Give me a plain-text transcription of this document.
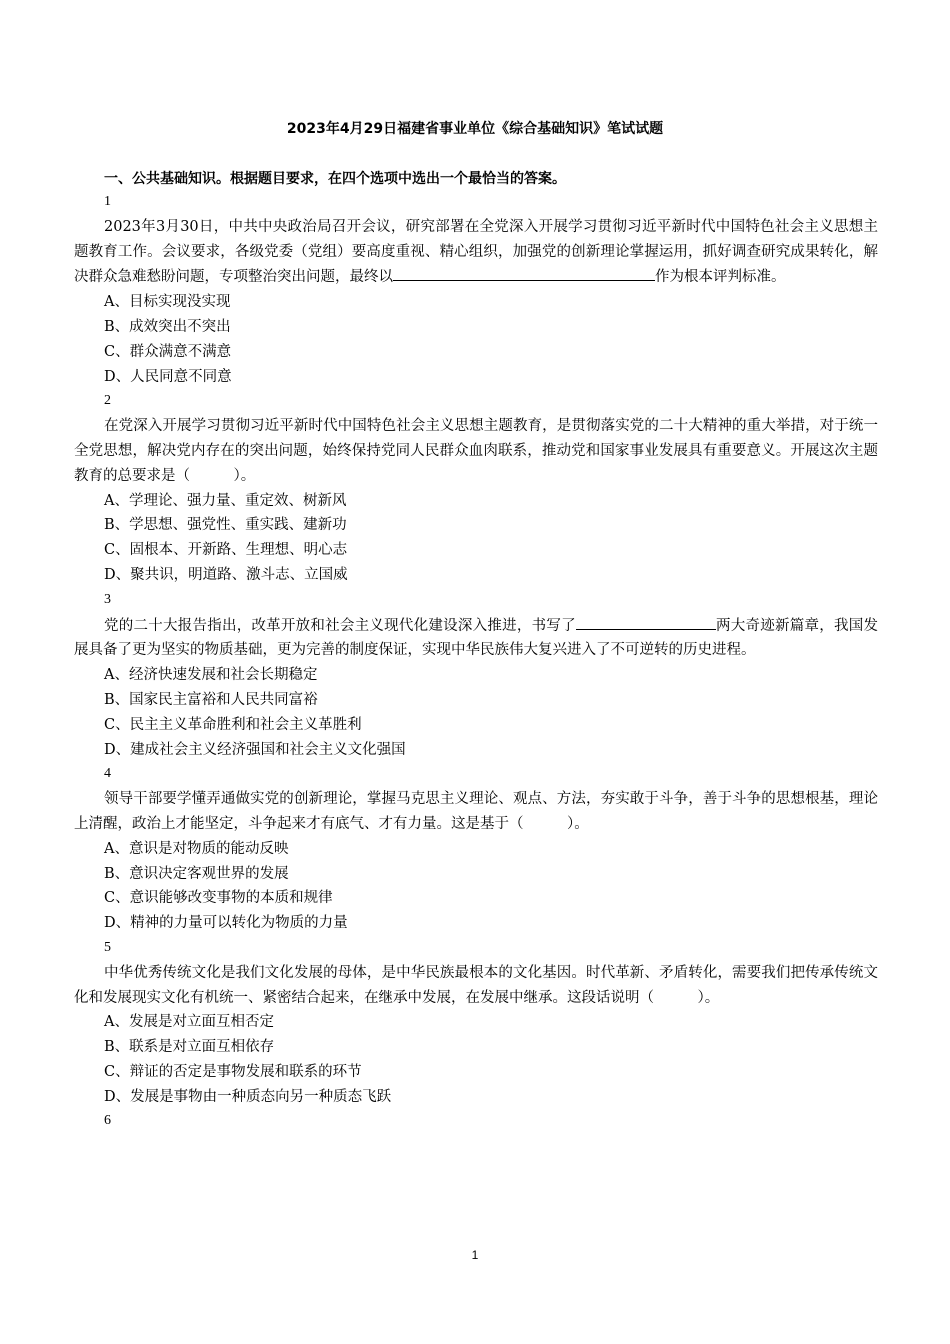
2023年4月29日福建省事业单位《综合基础知识》笔试试题
一、公共基础知识。根据题目要求，在四个选项中选出一个最恰当的答案。
1
2023年3月30日，中共中央政治局召开会议，研究部署在全党深入开展学习贯彻习近平新时代中国特色社会主义思想主题教育工作。会议要求，各级党委（党组）要高度重视、精心组织，加强党的创新理论掌握运用，抓好调查研究成果转化，解决群众急难愁盼问题，专项整治突出问题，最终以	作为根本评判标准。
A、目标实现没实现
B、成效突出不突出
C、群众满意不满意
D、人民同意不同意
2
在党深入开展学习贯彻习近平新时代中国特色社会主义思想主题教育，是贯彻落实党的二十大精神的重大举措，对于统一全党思想，解决党内存在的突出问题，始终保持党同人民群众血肉联系，推动党和国家事业发展具有重要意义。开展这次主题教育的总要求是（　　　）。
A、学理论、强力量、重定效、树新风
B、学思想、强党性、重实践、建新功
C、固根本、开新路、生理想、明心志
D、聚共识，明道路、激斗志、立国威
3
党的二十大报告指出，改革开放和社会主义现代化建设深入推进，书写了	两大奇迹新篇章，我国发展具备了更为坚实的物质基础，更为完善的制度保证，实现中华民族伟大复兴进入了不可逆转的历史进程。
A、经济快速发展和社会长期稳定
B、国家民主富裕和人民共同富裕
C、民主主义革命胜利和社会主义革胜利
D、建成社会主义经济强国和社会主义文化强国
4
领导干部要学懂弄通做实党的创新理论，掌握马克思主义理论、观点、方法，夯实敢于斗争，善于斗争的思想根基，理论上清醒，政治上才能坚定，斗争起来才有底气、才有力量。这是基于（　　　）。
A、意识是对物质的能动反映
B、意识决定客观世界的发展
C、意识能够改变事物的本质和规律
D、精神的力量可以转化为物质的力量
5
中华优秀传统文化是我们文化发展的母体，是中华民族最根本的文化基因。时代革新、矛盾转化，需要我们把传承传统文化和发展现实文化有机统一、紧密结合起来，在继承中发展，在发展中继承。这段话说明（　　　）。
A、发展是对立面互相否定
B、联系是对立面互相依存
C、辩证的否定是事物发展和联系的环节
D、发展是事物由一种质态向另一种质态飞跃
6
1
